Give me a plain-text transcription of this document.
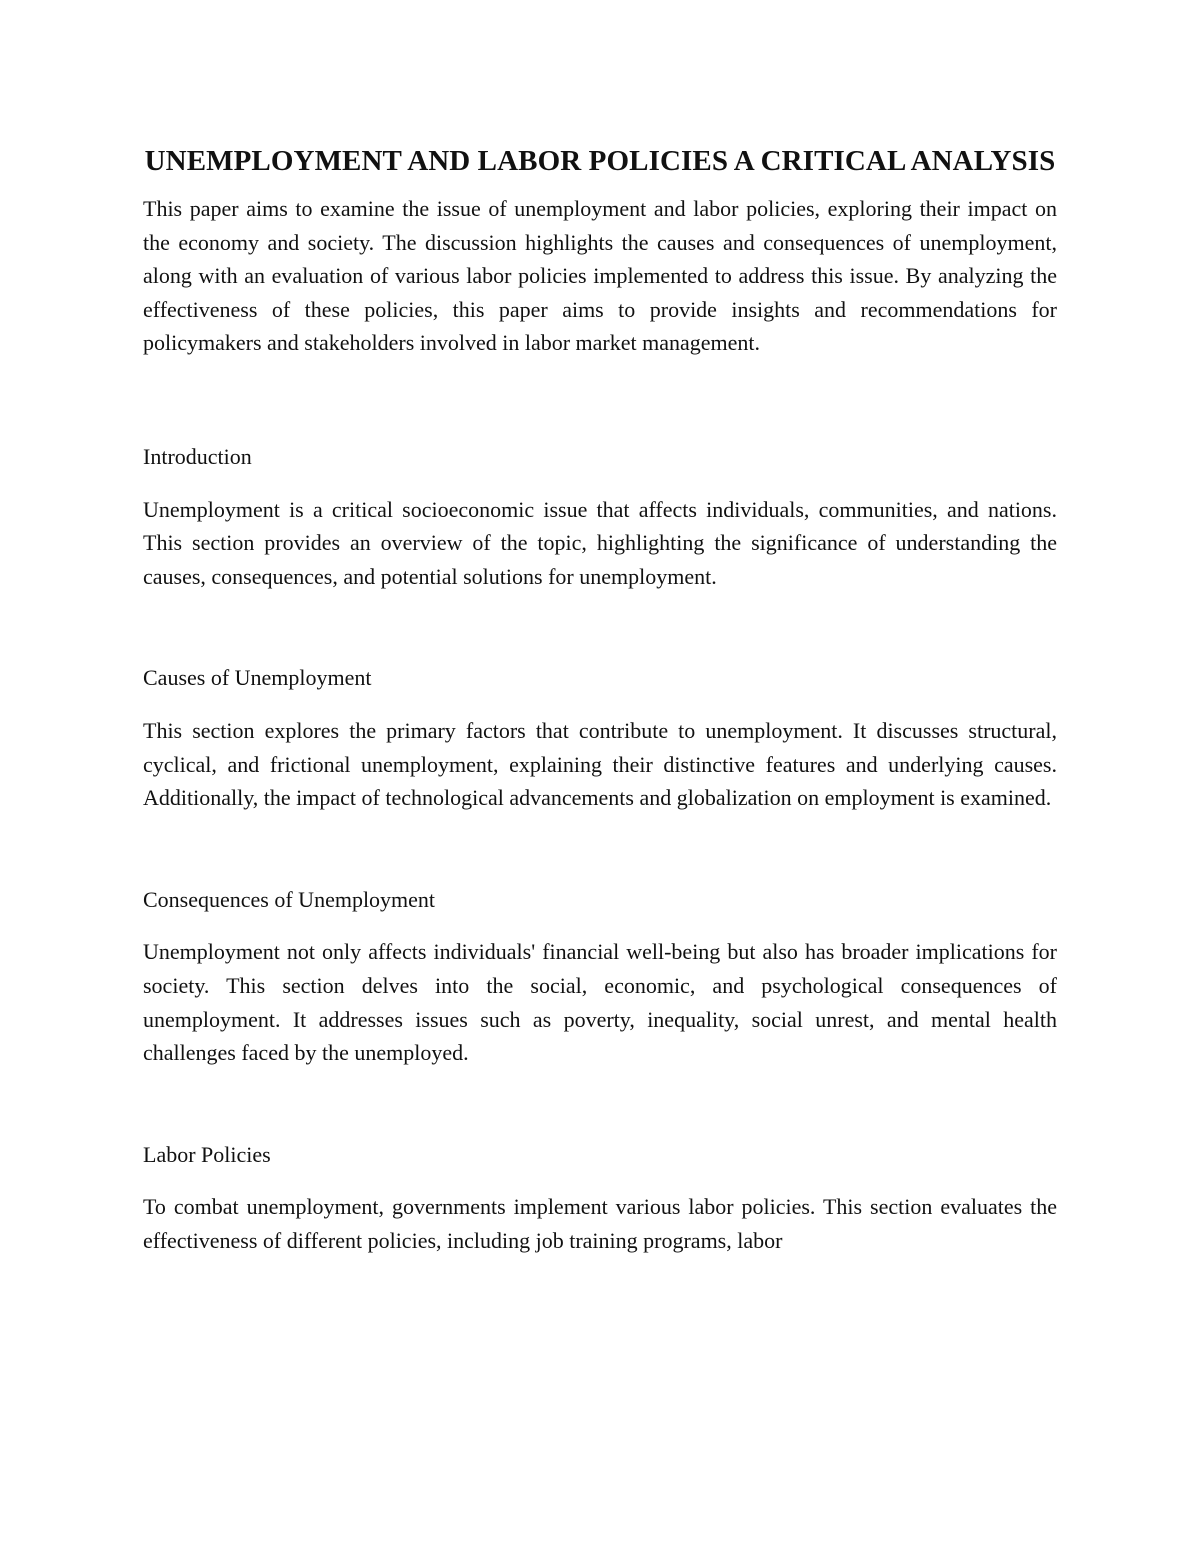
UNEMPLOYMENT AND LABOR POLICIES A CRITICAL ANALYSIS

This paper aims to examine the issue of unemployment and labor policies, exploring their impact on the economy and society. The discussion highlights the causes and consequences of unemployment, along with an evaluation of various labor policies implemented to address this issue. By analyzing the effectiveness of these policies, this paper aims to provide insights and recommendations for policymakers and stakeholders involved in labor market management.

Introduction

Unemployment is a critical socioeconomic issue that affects individuals, communities, and nations. This section provides an overview of the topic, highlighting the significance of understanding the causes, consequences, and potential solutions for unemployment.

Causes of Unemployment

This section explores the primary factors that contribute to unemployment. It discusses structural, cyclical, and frictional unemployment, explaining their distinctive features and underlying causes. Additionally, the impact of technological advancements and globalization on employment is examined.

Consequences of Unemployment

Unemployment not only affects individuals' financial well-being but also has broader implications for society. This section delves into the social, economic, and psychological consequences of unemployment. It addresses issues such as poverty, inequality, social unrest, and mental health challenges faced by the unemployed.

Labor Policies

To combat unemployment, governments implement various labor policies. This section evaluates the effectiveness of different policies, including job training programs, labor
